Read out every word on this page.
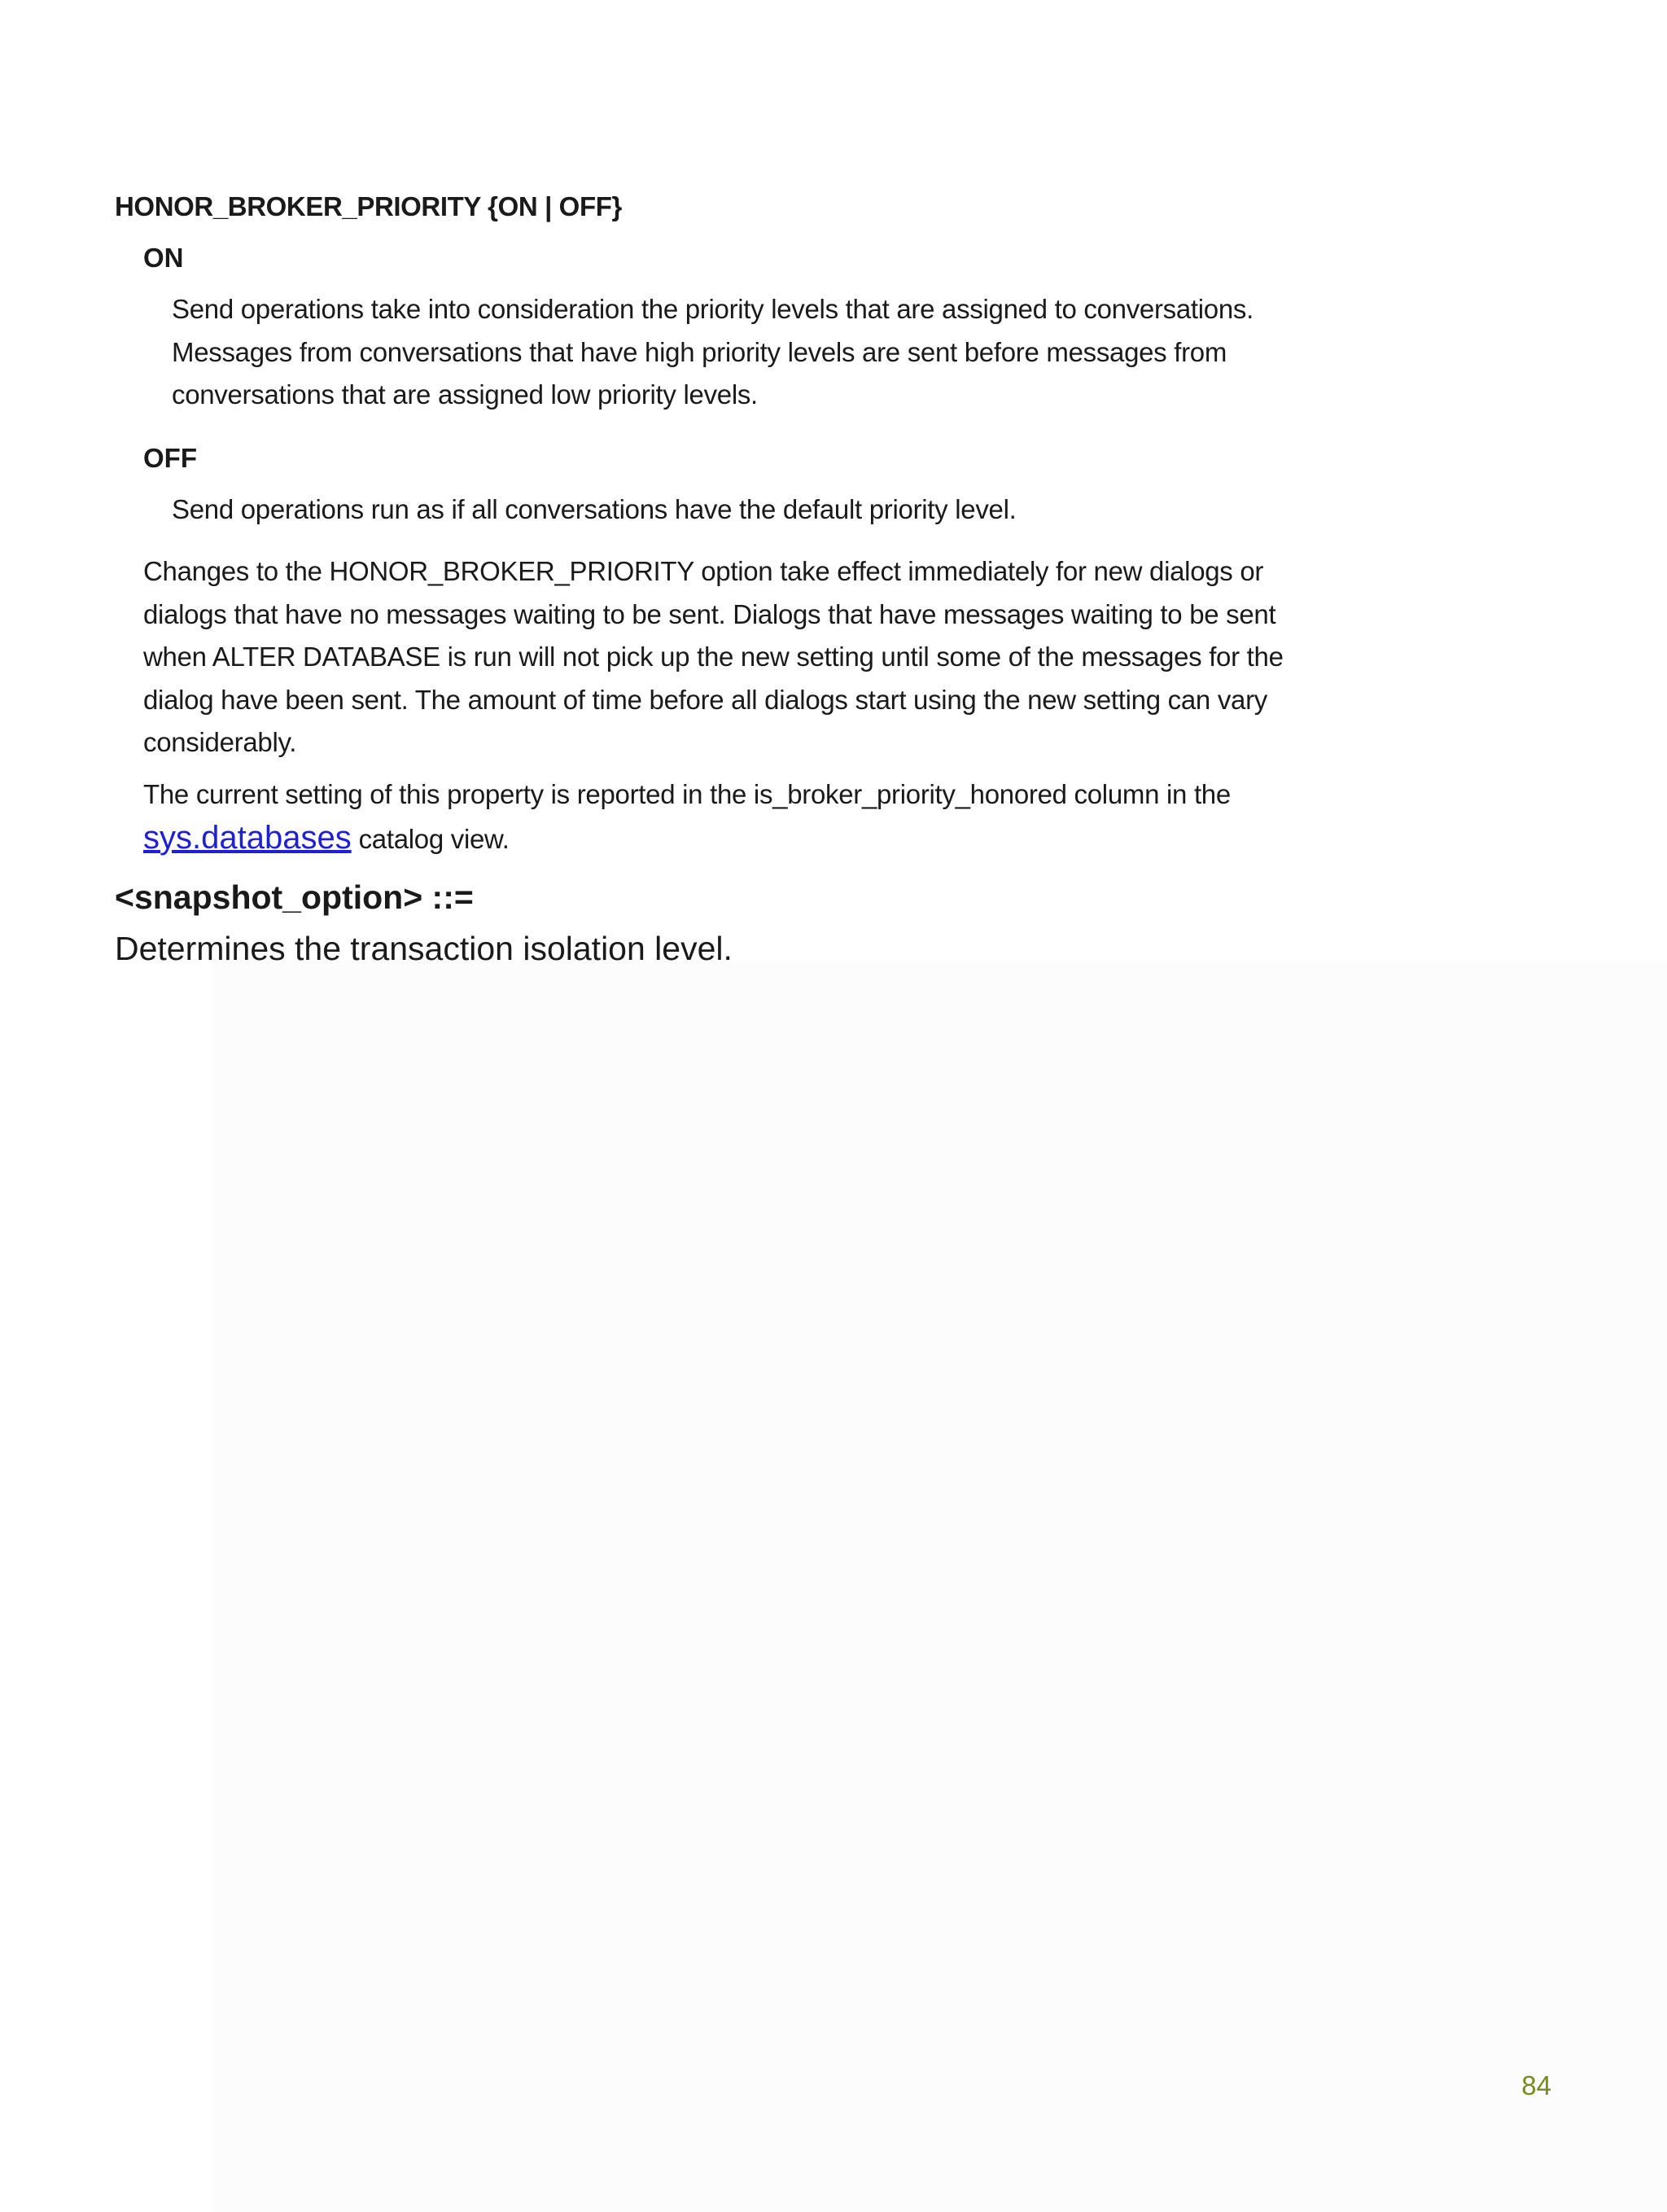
HONOR_BROKER_PRIORITY {ON | OFF}

ON

Send operations take into consideration the priority levels that are assigned to conversations. Messages from conversations that have high priority levels are sent before messages from conversations that are assigned low priority levels.

OFF

Send operations run as if all conversations have the default priority level.

Changes to the HONOR_BROKER_PRIORITY option take effect immediately for new dialogs or dialogs that have no messages waiting to be sent. Dialogs that have messages waiting to be sent when ALTER DATABASE is run will not pick up the new setting until some of the messages for the dialog have been sent. The amount of time before all dialogs start using the new setting can vary considerably.

The current setting of this property is reported in the is_broker_priority_honored column in the sys.databases catalog view.

<snapshot_option> ::=

Determines the transaction isolation level.

84
